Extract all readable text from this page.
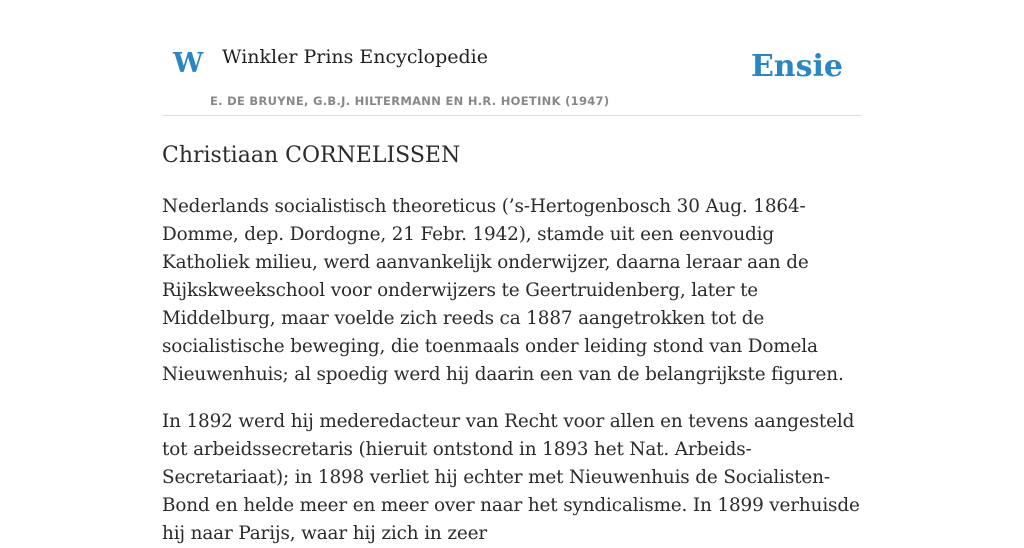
W Winkler Prins Encyclopedie
E. DE BRUYNE, G.B.J. HILTERMANN EN H.R. HOETINK (1947)
Ensie
Christiaan CORNELISSEN

Nederlands socialistisch theoreticus (’s-Hertogenbosch 30 Aug. 1864-Domme, dep. Dordogne, 21 Febr. 1942), stamde uit een eenvoudig Katholiek milieu, werd aanvankelijk onderwijzer, daarna leraar aan de Rijkskweekschool voor onderwijzers te Geertruidenberg, later te Middelburg, maar voelde zich reeds ca 1887 aangetrokken tot de socialistische beweging, die toenmaals onder leiding stond van Domela Nieuwenhuis; al spoedig werd hij daarin een van de belangrijkste figuren.

In 1892 werd hij mederedacteur van Recht voor allen en tevens aangesteld tot arbeidssecretaris (hieruit ontstond in 1893 het Nat. Arbeids-Secretariaat); in 1898 verliet hij echter met Nieuwenhuis de Socialisten-Bond en helde meer en meer over naar het syndicalisme. In 1899 verhuisde hij naar Parijs, waar hij zich in zeer
